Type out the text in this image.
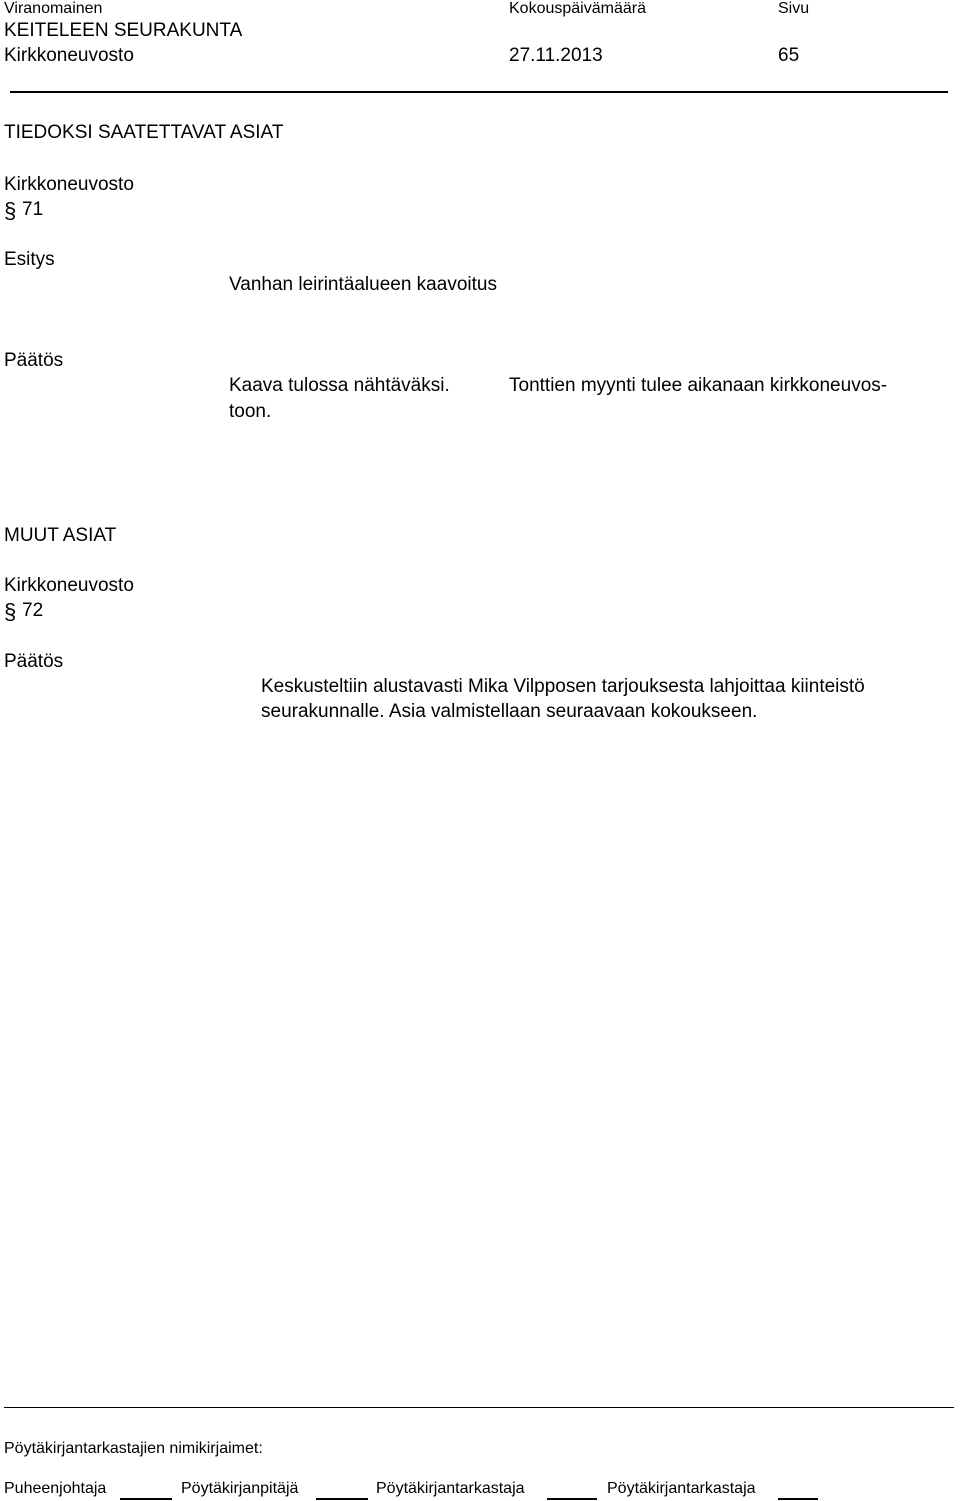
Viranomainen	Kokouspäivämäärä	Sivu
KEITELEEN SEURAKUNTA
Kirkkoneuvosto	27.11.2013	65
TIEDOKSI SAATETTAVAT ASIAT
Kirkkoneuvosto
§ 71
Esitys
Vanhan leirintäalueen kaavoitus
Päätös
Kaava tulossa nähtäväksi.	Tonttien myynti tulee aikanaan kirkkoneuvos-
toon.
MUUT ASIAT
Kirkkoneuvosto
§ 72
Päätös
Keskusteltiin alustavasti Mika Vilpposen tarjouksesta lahjoittaa kiinteistö
seurakunnalle. Asia valmistellaan seuraavaan kokoukseen.
Pöytäkirjantarkastajien nimikirjaimet:
Puheenjohtaja	Pöytäkirjanpitäjä	Pöytäkirjantarkastaja	Pöytäkirjantarkastaja
